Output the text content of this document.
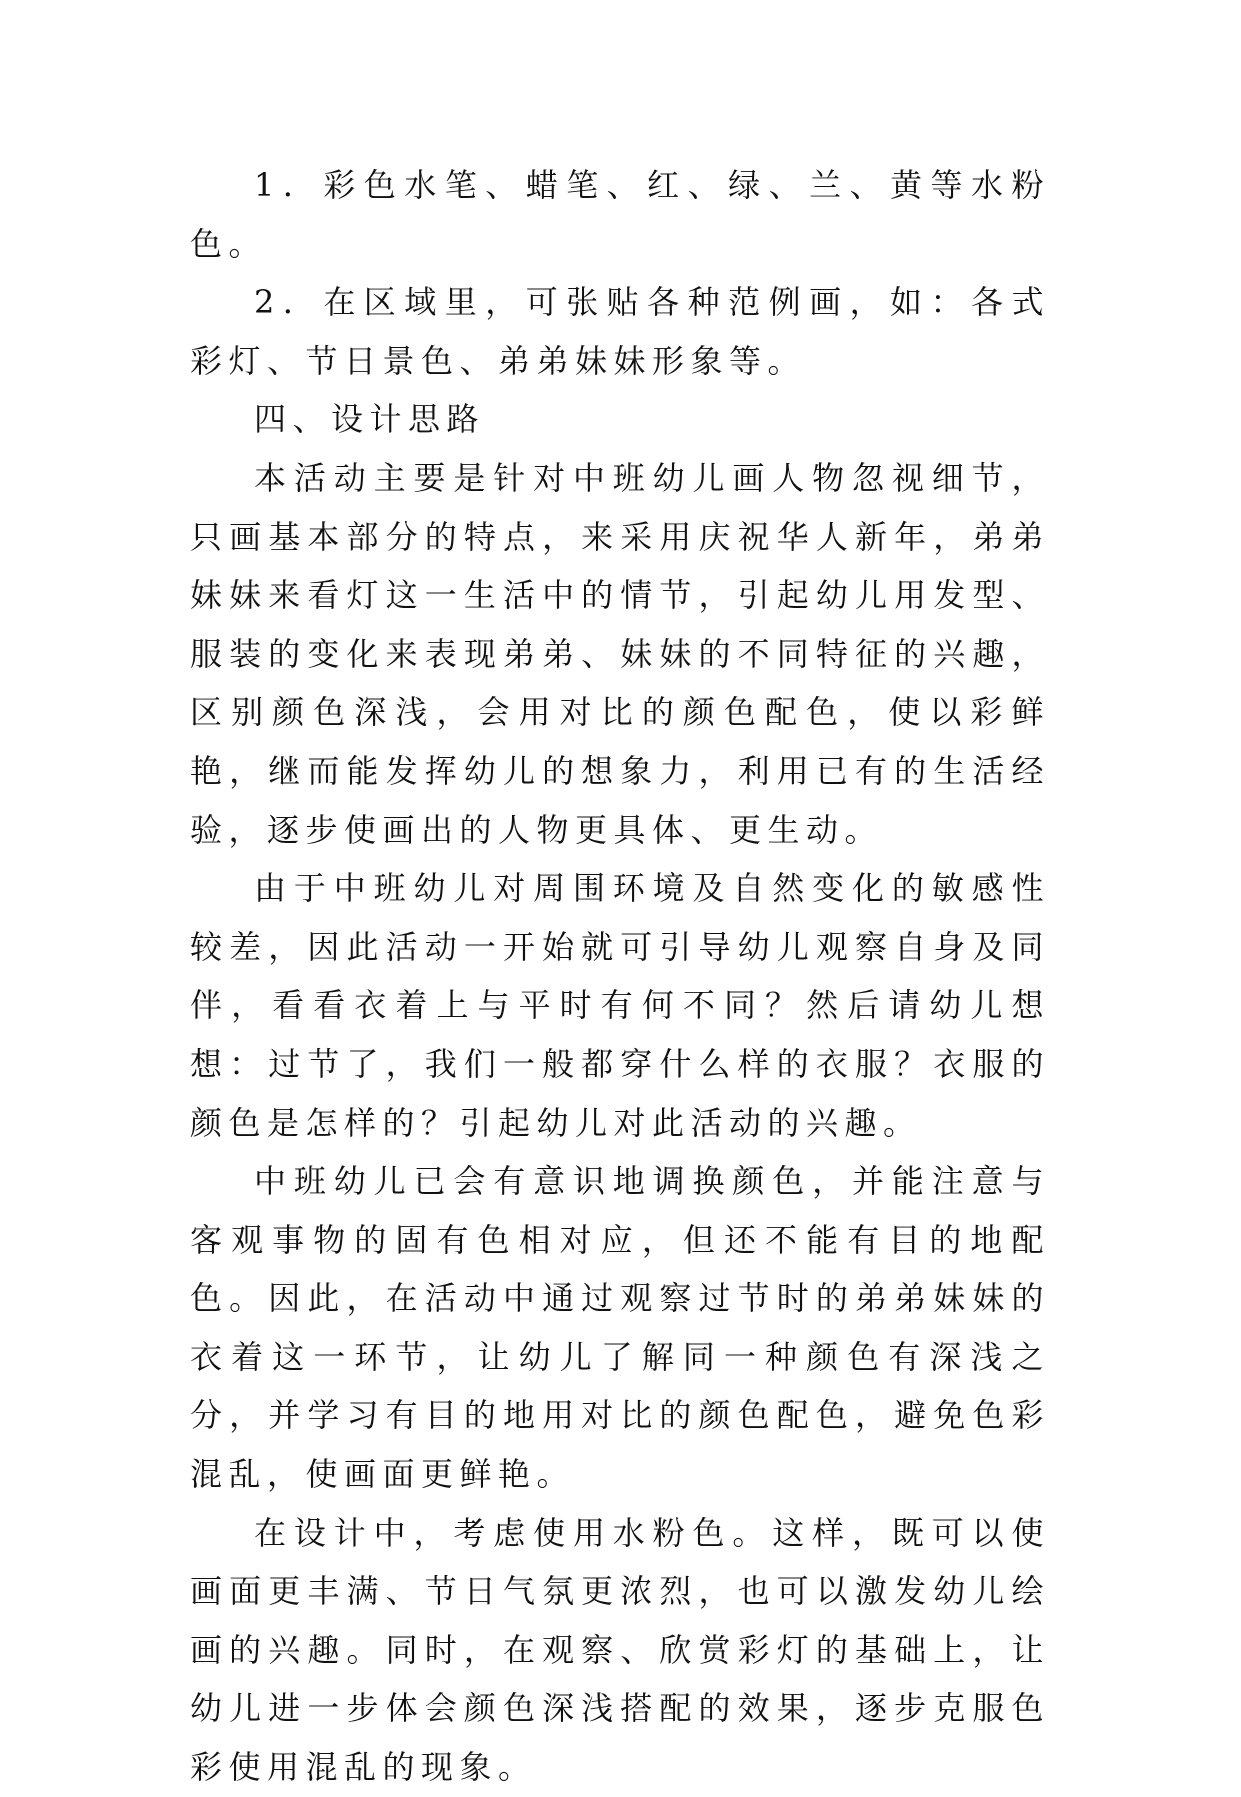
1．彩色水笔、蜡笔、红、绿、兰、黄等水粉色。

2．在区域里，可张贴各种范例画，如：各式彩灯、节日景色、弟弟妹妹形象等。

四、设计思路

本活动主要是针对中班幼儿画人物忽视细节，只画基本部分的特点，来采用庆祝华人新年，弟弟妹妹来看灯这一生活中的情节，引起幼儿用发型、服装的变化来表现弟弟、妹妹的不同特征的兴趣，区别颜色深浅，会用对比的颜色配色，使以彩鲜艳，继而能发挥幼儿的想象力，利用已有的生活经验，逐步使画出的人物更具体、更生动。

由于中班幼儿对周围环境及自然变化的敏感性较差，因此活动一开始就可引导幼儿观察自身及同伴，看看衣着上与平时有何不同？然后请幼儿想想：过节了，我们一般都穿什么样的衣服？衣服的颜色是怎样的？引起幼儿对此活动的兴趣。

中班幼儿已会有意识地调换颜色，并能注意与客观事物的固有色相对应，但还不能有目的地配色。因此，在活动中通过观察过节时的弟弟妹妹的衣着这一环节，让幼儿了解同一种颜色有深浅之分，并学习有目的地用对比的颜色配色，避免色彩混乱，使画面更鲜艳。

在设计中，考虑使用水粉色。这样，既可以使画面更丰满、节日气氛更浓烈，也可以激发幼儿绘画的兴趣。同时，在观察、欣赏彩灯的基础上，让幼儿进一步体会颜色深浅搭配的效果，逐步克服色彩使用混乱的现象。
